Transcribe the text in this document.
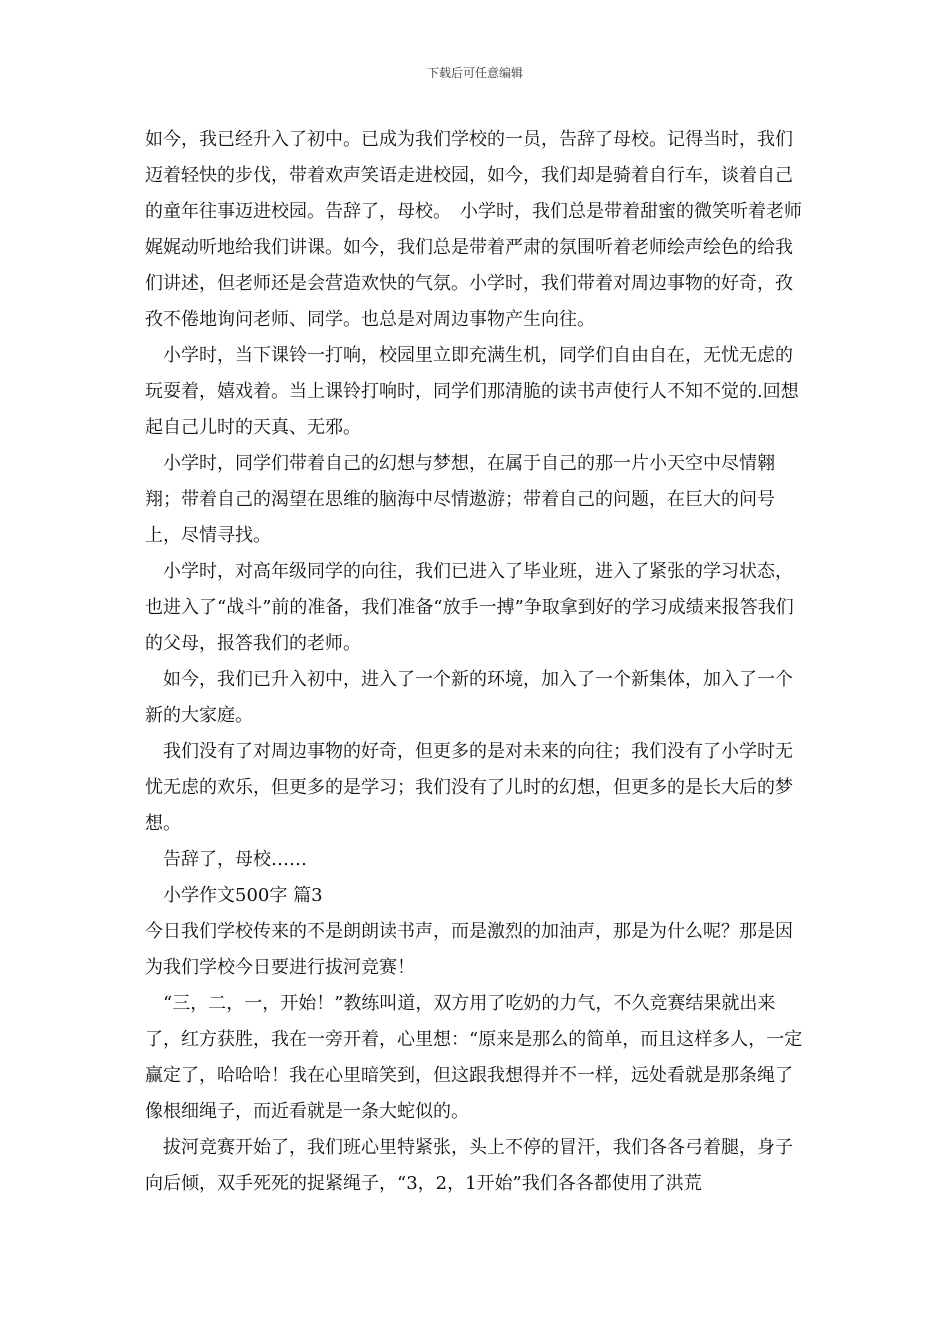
下载后可任意编辑

如今，我已经升入了初中。已成为我们学校的一员，告辞了母校。记得当时，我们迈着轻快的步伐，带着欢声笑语走进校园，如今，我们却是骑着自行车，谈着自己的童年往事迈进校园。告辞了，母校。　小学时，我们总是带着甜蜜的微笑听着老师娓娓动听地给我们讲课。如今，我们总是带着严肃的氛围听着老师绘声绘色的给我们讲述，但老师还是会营造欢快的气氛。小学时，我们带着对周边事物的好奇，孜孜不倦地询问老师、同学。也总是对周边事物产生向往。

　小学时，当下课铃一打响，校园里立即充满生机，同学们自由自在，无忧无虑的玩耍着，嬉戏着。当上课铃打响时，同学们那清脆的读书声使行人不知不觉的.回想起自己儿时的天真、无邪。

　小学时，同学们带着自己的幻想与梦想，在属于自己的那一片小天空中尽情翱翔；带着自己的渴望在思维的脑海中尽情遨游；带着自己的问题，在巨大的问号上，尽情寻找。

　小学时，对高年级同学的向往，我们已进入了毕业班，进入了紧张的学习状态，也进入了“战斗”前的准备，我们准备“放手一搏”争取拿到好的学习成绩来报答我们的父母，报答我们的老师。

　如今，我们已升入初中，进入了一个新的环境，加入了一个新集体，加入了一个新的大家庭。

　我们没有了对周边事物的好奇，但更多的是对未来的向往；我们没有了小学时无忧无虑的欢乐，但更多的是学习；我们没有了儿时的幻想，但更多的是长大后的梦想。

　告辞了，母校……

　小学作文500字 篇3

今日我们学校传来的不是朗朗读书声，而是激烈的加油声，那是为什么呢？那是因为我们学校今日要进行拔河竞赛！

　“三，二，一，开始！”教练叫道，双方用了吃奶的力气，不久竞赛结果就出来了，红方获胜，我在一旁开着，心里想：“原来是那么的简单，而且这样多人，一定赢定了，哈哈哈！我在心里暗笑到，但这跟我想得并不一样，远处看就是那条绳了像根细绳子，而近看就是一条大蛇似的。

　拔河竞赛开始了，我们班心里特紧张，头上不停的冒汗，我们各各弓着腿，身子向后倾，双手死死的捉紧绳子，“3，2，1开始”我们各各都使用了洪荒
